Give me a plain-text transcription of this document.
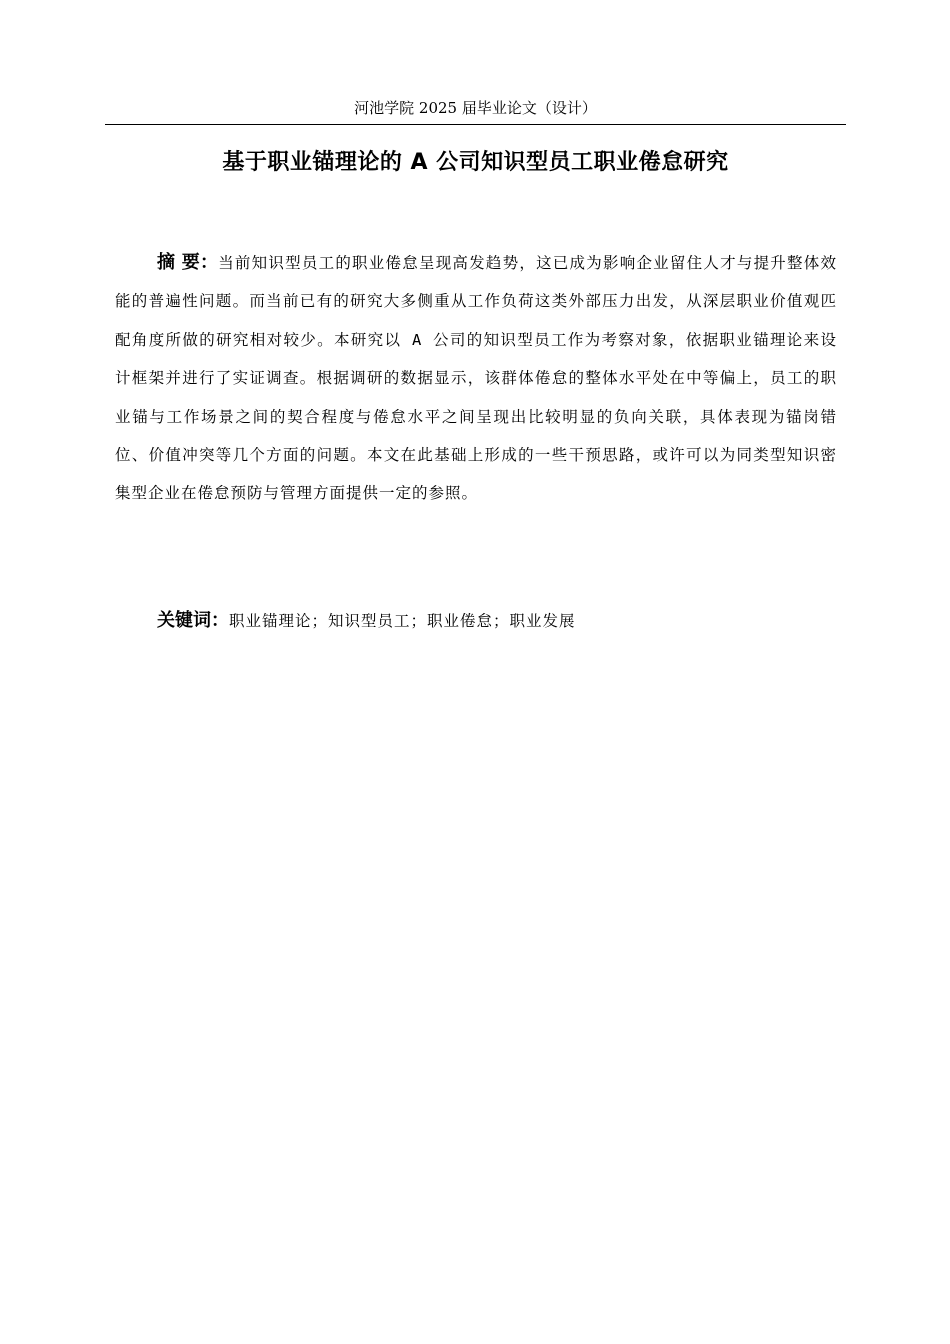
河池学院 2025 届毕业论文（设计）
基于职业锚理论的 A 公司知识型员工职业倦怠研究

摘 要：当前知识型员工的职业倦怠呈现高发趋势，这已成为影响企业留住人才与提升整体效能的普遍性问题。而当前已有的研究大多侧重从工作负荷这类外部压力出发，从深层职业价值观匹配角度所做的研究相对较少。本研究以 A 公司的知识型员工作为考察对象，依据职业锚理论来设计框架并进行了实证调查。根据调研的数据显示，该群体倦怠的整体水平处在中等偏上，员工的职业锚与工作场景之间的契合程度与倦怠水平之间呈现出比较明显的负向关联，具体表现为锚岗错位、价值冲突等几个方面的问题。本文在此基础上形成的一些干预思路，或许可以为同类型知识密集型企业在倦怠预防与管理方面提供一定的参照。

关键词：职业锚理论；知识型员工；职业倦怠；职业发展
